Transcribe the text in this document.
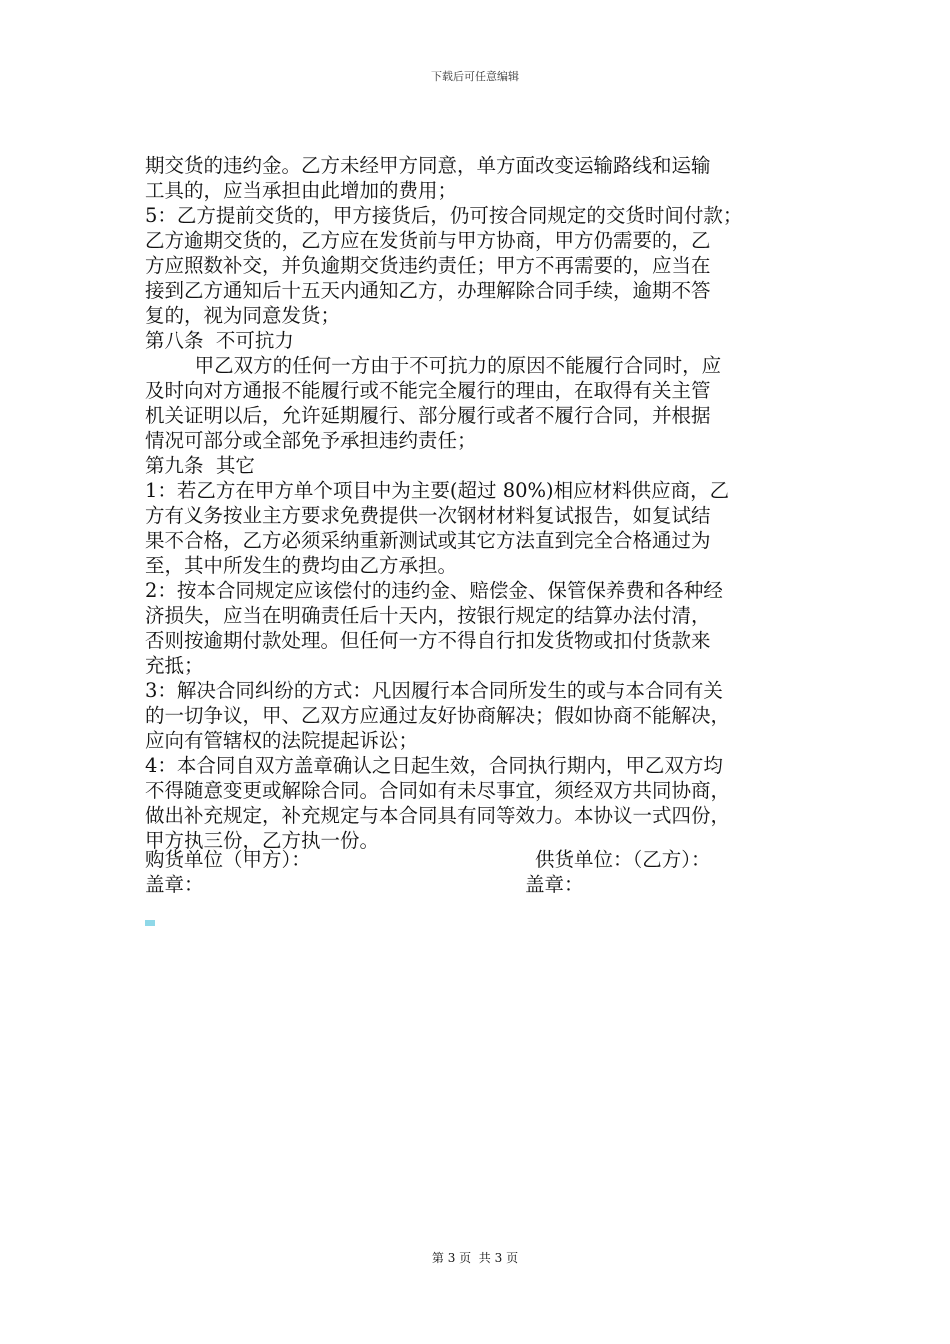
下载后可任意编辑

期交货的违约金。乙方未经甲方同意，单方面改变运输路线和运输

工具的，应当承担由此增加的费用；

5：乙方提前交货的，甲方接货后，仍可按合同规定的交货时间付款；

乙方逾期交货的，乙方应在发货前与甲方协商，甲方仍需要的，乙

方应照数补交，并负逾期交货违约责任；甲方不再需要的，应当在

接到乙方通知后十五天内通知乙方，办理解除合同手续，逾期不答

复的，视为同意发货；

第八条  不可抗力

甲乙双方的任何一方由于不可抗力的原因不能履行合同时，应

及时向对方通报不能履行或不能完全履行的理由，在取得有关主管

机关证明以后，允许延期履行、部分履行或者不履行合同，并根据

情况可部分或全部免予承担违约责任；

第九条  其它

1：若乙方在甲方单个项目中为主要(超过 80%)相应材料供应商，乙

方有义务按业主方要求免费提供一次钢材材料复试报告，如复试结

果不合格，乙方必须采纳重新测试或其它方法直到完全合格通过为

至，其中所发生的费均由乙方承担。

2：按本合同规定应该偿付的违约金、赔偿金、保管保养费和各种经

济损失，应当在明确责任后十天内，按银行规定的结算办法付清，

否则按逾期付款处理。但任何一方不得自行扣发货物或扣付货款来

充抵；

3：解决合同纠纷的方式：凡因履行本合同所发生的或与本合同有关

的一切争议，甲、乙双方应通过友好协商解决；假如协商不能解决，

应向有管辖权的法院提起诉讼；

4：本合同自双方盖章确认之日起生效，合同执行期内，甲乙双方均

不得随意变更或解除合同。合同如有未尽事宜，须经双方共同协商，

做出补充规定，补充规定与本合同具有同等效力。本协议一式四份，

甲方执三份，乙方执一份。

购货单位（甲方）：	供货单位：（乙方）：
盖章：	盖章：
第 3 页  共 3 页
